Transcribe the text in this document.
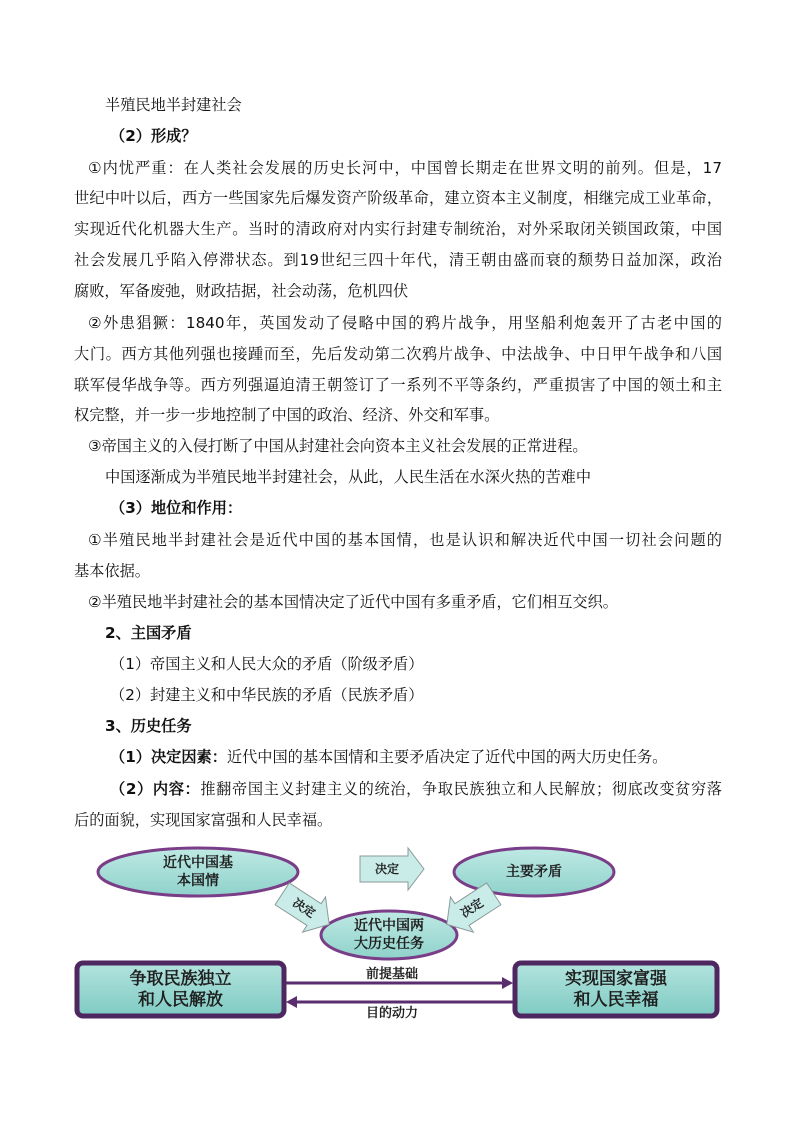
半殖民地半封建社会
（2）形成？
①内忧严重：在人类社会发展的历史长河中，中国曾长期走在世界文明的前列。但是，17
世纪中叶以后，西方一些国家先后爆发资产阶级革命，建立资本主义制度，相继完成工业革命，
实现近代化机器大生产。当时的清政府对内实行封建专制统治，对外采取闭关锁国政策，中国
社会发展几乎陷入停滞状态。到19世纪三四十年代，清王朝由盛而衰的颓势日益加深，政治
腐败，军备废弛，财政拮据，社会动荡，危机四伏
②外患猖獗：1840年，英国发动了侵略中国的鸦片战争，用坚船利炮轰开了古老中国的
大门。西方其他列强也接踵而至，先后发动第二次鸦片战争、中法战争、中日甲午战争和八国
联军侵华战争等。西方列强逼迫清王朝签订了一系列不平等条约，严重损害了中国的领土和主
权完整，并一步一步地控制了中国的政治、经济、外交和军事。
③帝国主义的入侵打断了中国从封建社会向资本主义社会发展的正常进程。
中国逐渐成为半殖民地半封建社会，从此，人民生活在水深火热的苦难中
（3）地位和作用：
①半殖民地半封建社会是近代中国的基本国情，也是认识和解决近代中国一切社会问题的
基本依据。
②半殖民地半封建社会的基本国情决定了近代中国有多重矛盾，它们相互交织。
2、主国矛盾
（1）帝国主义和人民大众的矛盾（阶级矛盾）
（2）封建主义和中华民族的矛盾（民族矛盾）
3、历史任务
（1）决定因素：近代中国的基本国情和主要矛盾决定了近代中国的两大历史任务。
（2）内容：推翻帝国主义封建主义的统治，争取民族独立和人民解放；彻底改变贫穷落
后的面貌，实现国家富强和人民幸福。
近代中国基
本国情
主要矛盾
近代中国两
大历史任务
决定
决定	决定
争取民族独立
和人民解放
实现国家富强
和人民幸福
前提基础
目的动力
